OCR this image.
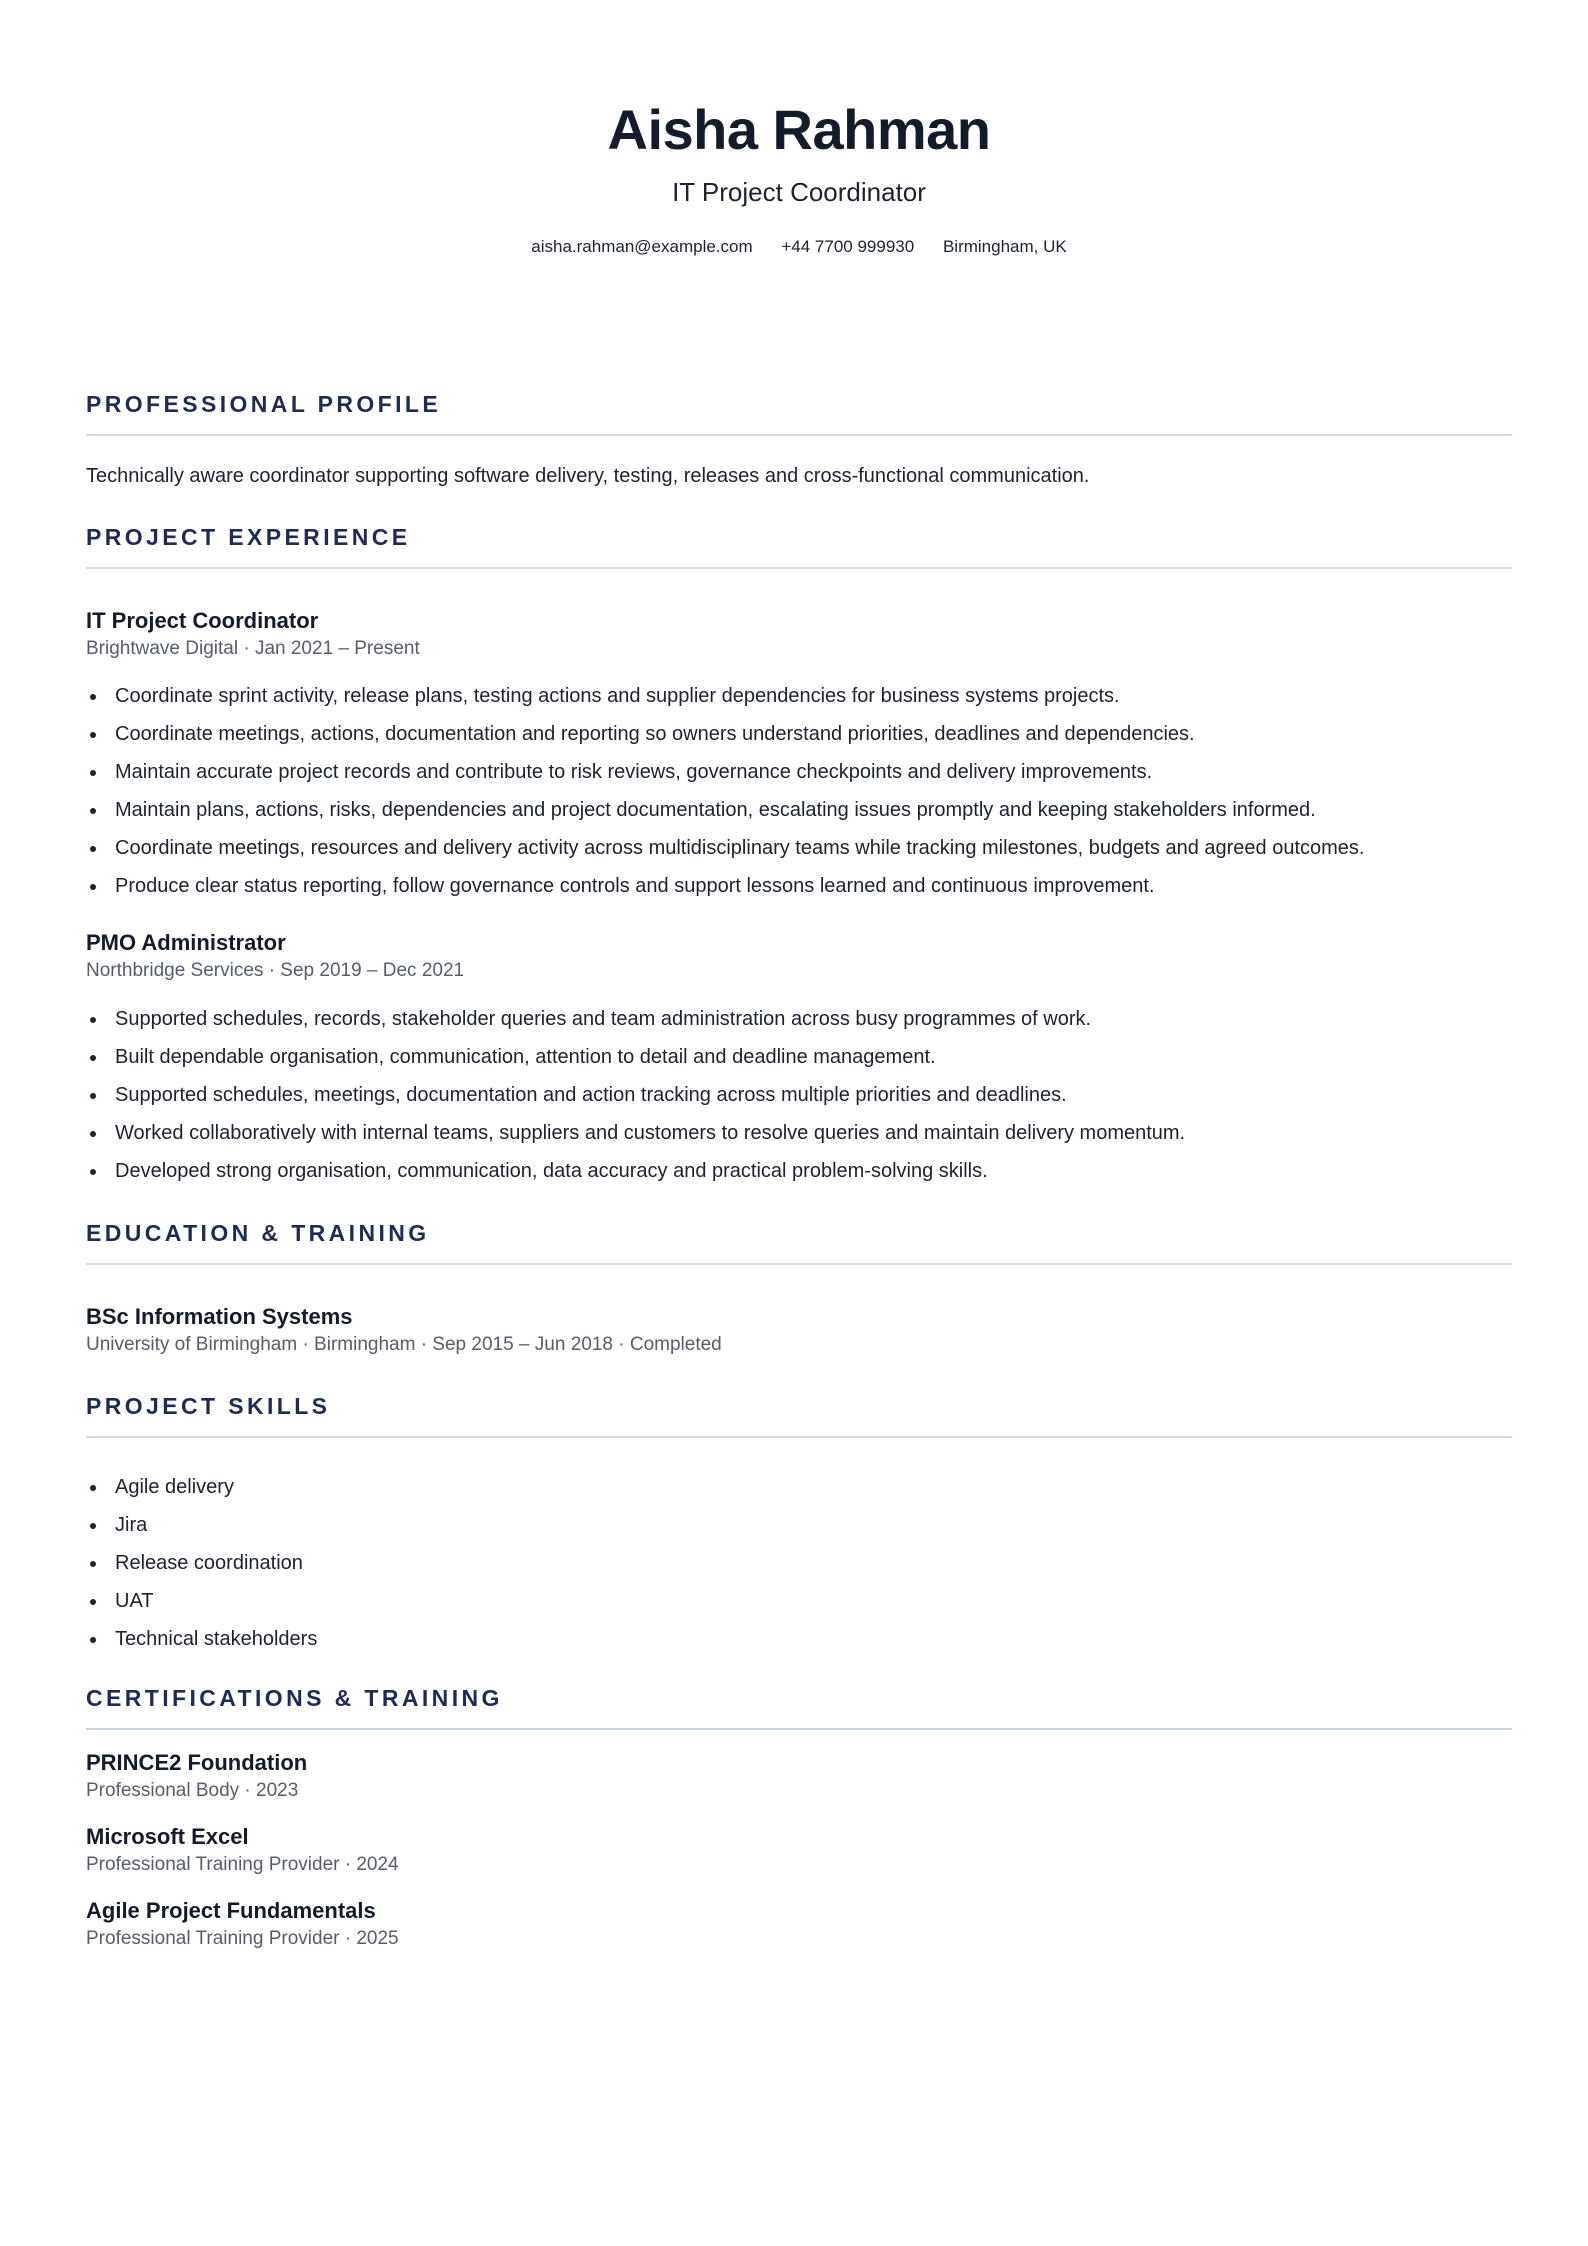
Aisha Rahman
IT Project Coordinator
aisha.rahman@example.com +44 7700 999930 Birmingham, UK
PROFESSIONAL PROFILE
Technically aware coordinator supporting software delivery, testing, releases and cross-functional communication.
PROJECT EXPERIENCE
IT Project Coordinator
Brightwave Digital · Jan 2021 – Present
Coordinate sprint activity, release plans, testing actions and supplier dependencies for business systems projects.
Coordinate meetings, actions, documentation and reporting so owners understand priorities, deadlines and dependencies.
Maintain accurate project records and contribute to risk reviews, governance checkpoints and delivery improvements.
Maintain plans, actions, risks, dependencies and project documentation, escalating issues promptly and keeping stakeholders informed.
Coordinate meetings, resources and delivery activity across multidisciplinary teams while tracking milestones, budgets and agreed outcomes.
Produce clear status reporting, follow governance controls and support lessons learned and continuous improvement.
PMO Administrator
Northbridge Services · Sep 2019 – Dec 2021
Supported schedules, records, stakeholder queries and team administration across busy programmes of work.
Built dependable organisation, communication, attention to detail and deadline management.
Supported schedules, meetings, documentation and action tracking across multiple priorities and deadlines.
Worked collaboratively with internal teams, suppliers and customers to resolve queries and maintain delivery momentum.
Developed strong organisation, communication, data accuracy and practical problem-solving skills.
EDUCATION & TRAINING
BSc Information Systems
University of Birmingham · Birmingham · Sep 2015 – Jun 2018 · Completed
PROJECT SKILLS
Agile delivery
Jira
Release coordination
UAT
Technical stakeholders
CERTIFICATIONS & TRAINING
PRINCE2 Foundation
Professional Body · 2023
Microsoft Excel
Professional Training Provider · 2024
Agile Project Fundamentals
Professional Training Provider · 2025
